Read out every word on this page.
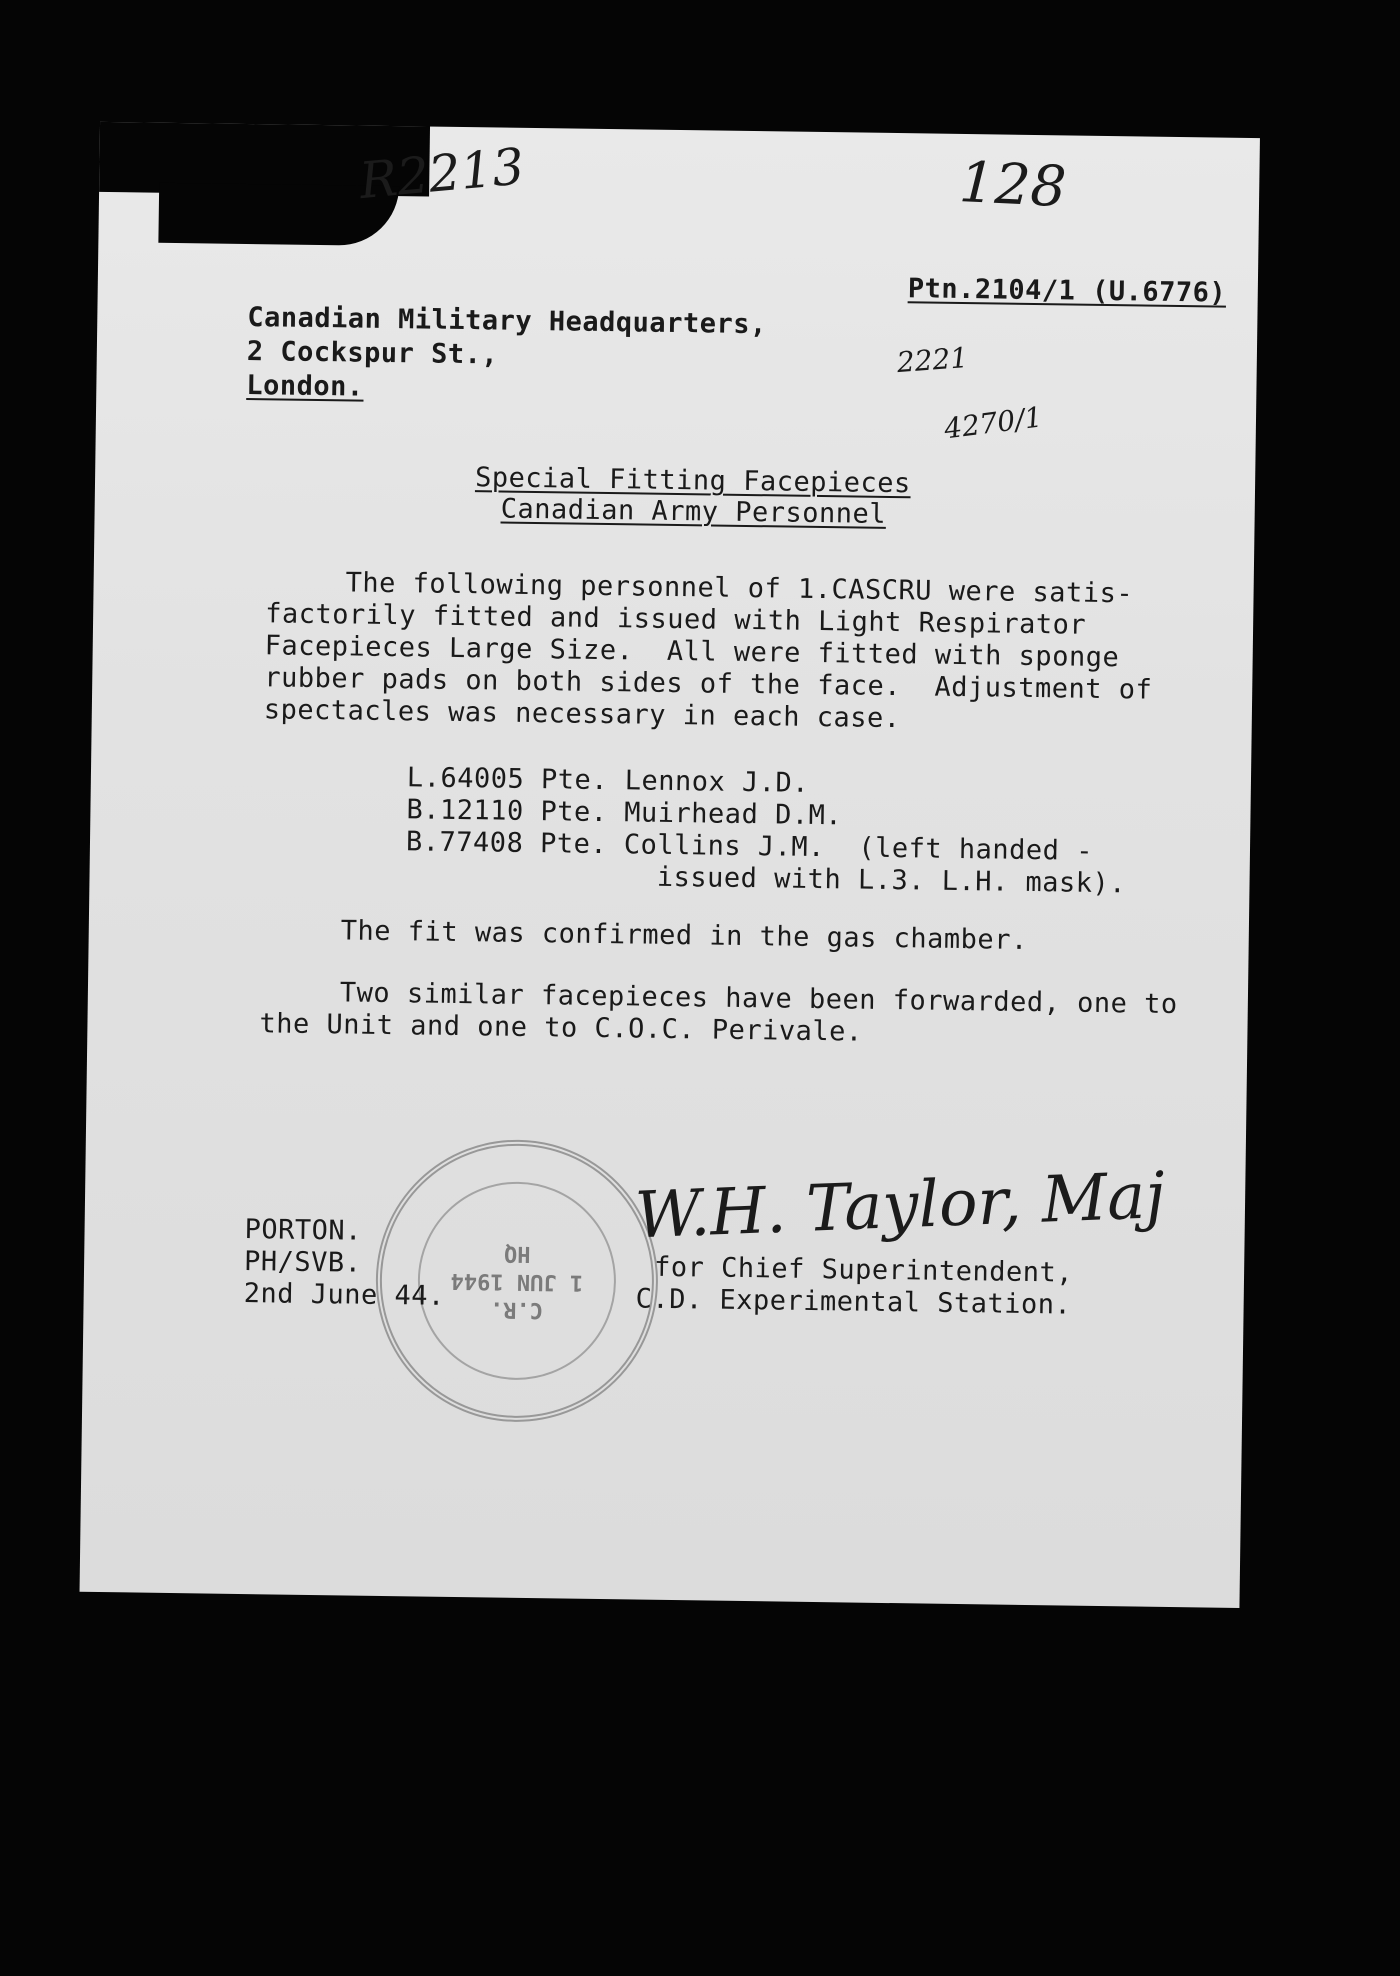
R2213	128
2221
4270/1
Ptn.2104/1 (U.6776)
Canadian Military Headquarters,
2 Cockspur St.,
London.
Special Fitting Facepieces
Canadian Army Personnel
The following personnel of 1.CASCRU were satis-
factorily fitted and issued with Light Respirator
Facepieces Large Size.  All were fitted with sponge
rubber pads on both sides of the face.  Adjustment of
spectacles was necessary in each case.
L.64005 Pte. Lennox J.D.
B.12110 Pte. Muirhead D.M.
B.77408 Pte. Collins J.M.  (left handed -
issued with L.3. L.H. mask).
The fit was confirmed in the gas chamber.
Two similar facepieces have been forwarded, one to
the Unit and one to C.O.C. Perivale.
C.R.
1 JUN 1944
HQ
PORTON.
PH/SVB.
2nd June 44.
W.H. Taylor, Maj
for Chief Superintendent,
C.D. Experimental Station.
